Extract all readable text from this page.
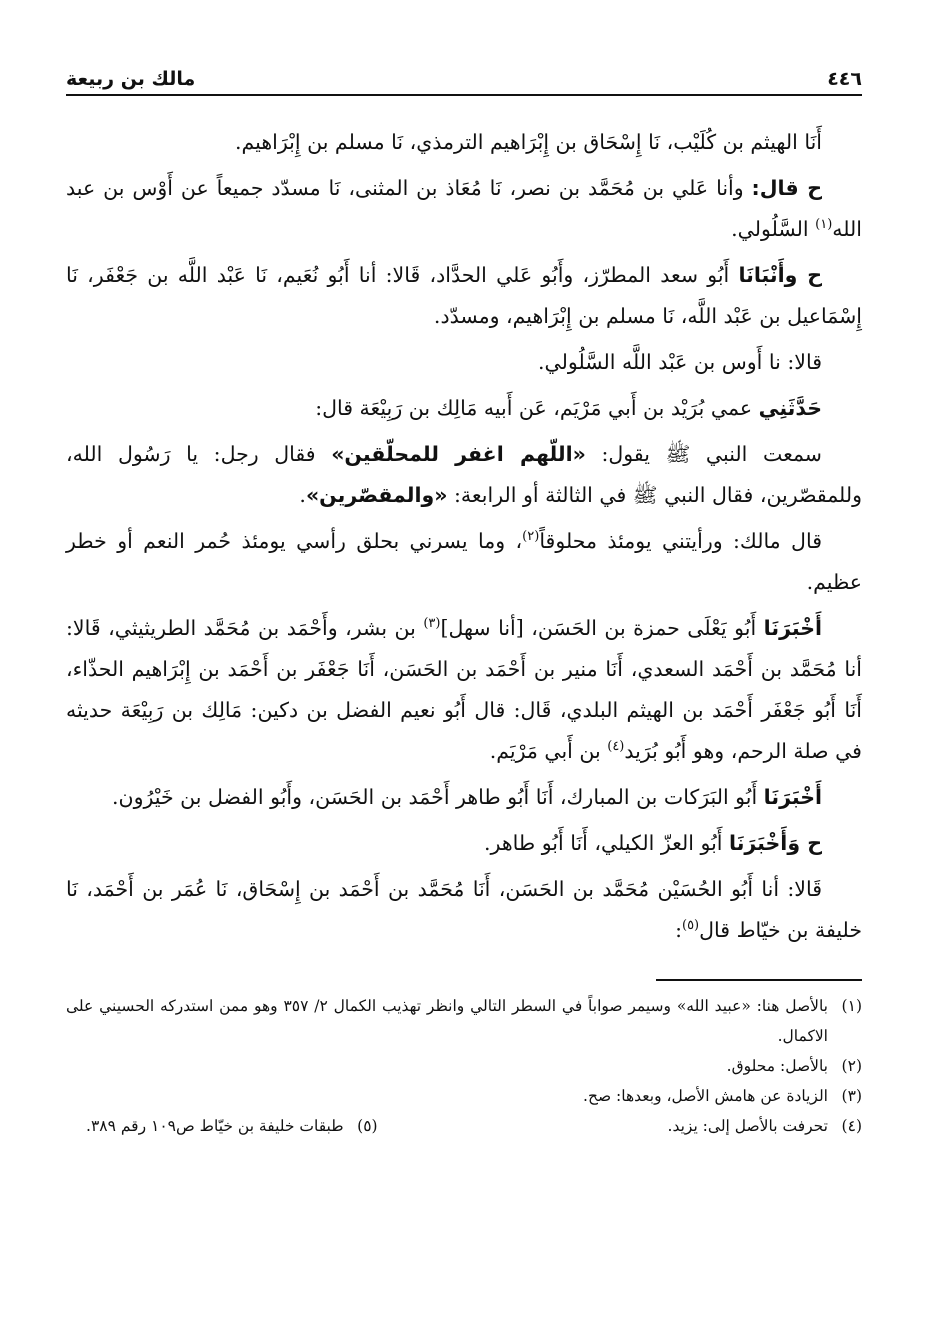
٤٤٦
مالك بن ربيعة

أَنَا الهيثم بن كُلَيْب، نَا إِسْحَاق بن إِبْرَاهيم الترمذي، نَا مسلم بن إِبْرَاهيم.

ح قال: وأنا عَلي بن مُحَمَّد بن نصر، نَا مُعَاذ بن المثنى، نَا مسدّد جميعاً عن أَوْس بن عبد الله$^{(١)}$ السَّلُولي.

ح وأَنْبَانَا أَبُو سعد المطرّز، وأَبُو عَلي الحدَّاد، قَالا: أنا أَبُو نُعَيم، نَا عَبْد اللَّه بن جَعْفَر، نَا إِسْمَاعيل بن عَبْد اللَّه، نَا مسلم بن إِبْرَاهيم، ومسدّد.

قالا: نا أَوس بن عَبْد اللَّه السَّلُولي.

حَدَّثَنِي عمي بُرَيْد بن أَبي مَرْيَم، عَن أَبيه مَالِك بن رَبِيْعَة قال:

سمعت النبي ﷺ يقول: «اللّهم اغفر للمحلّقين» فقال رجل: يا رَسُول الله، وللمقصّرين، فقال النبي ﷺ في الثالثة أو الرابعة: «والمقصّرين».

قال مالك: ورأيتني يومئذ محلوقاً$^{(٢)}$، وما يسرني بحلق رأسي يومئذ حُمر النعم أو خطر عظيم.

أَخْبَرَنَا أَبُو يَعْلَى حمزة بن الحَسَن، [أنا سهل]$^{(٣)}$ بن بشر، وأَحْمَد بن مُحَمَّد الطريثيثي، قَالا: أنا مُحَمَّد بن أَحْمَد السعدي، أَنَا منير بن أَحْمَد بن الحَسَن، أَنَا جَعْفَر بن أَحْمَد بن إِبْرَاهيم الحذّاء، أَنَا أَبُو جَعْفَر أَحْمَد بن الهيثم البلدي، قَال: قال أَبُو نعيم الفضل بن دكين: مَالِك بن رَبِيْعَة حديثه في صلة الرحم، وهو أَبُو بُرَيد$^{(٤)}$ بن أَبي مَرْيَم.

أَخْبَرَنَا أَبُو البَرَكات بن المبارك، أَنَا أَبُو طاهر أَحْمَد بن الحَسَن، وأَبُو الفضل بن خَيْرُون.

ح وَأَخْبَرَنَا أَبُو العزّ الكيلي، أَنَا أَبُو طاهر.

قَالا: أنا أَبُو الحُسَيْن مُحَمَّد بن الحَسَن، أَنَا مُحَمَّد بن أَحْمَد بن إِسْحَاق، نَا عُمَر بن أَحْمَد، نَا خليفة بن خيّاط قال$^{(٥)}$:

(١)
بالأصل هنا: «عبيد الله» وسيمر صواباً في السطر التالي وانظر تهذيب الكمال ٢/ ٣٥٧ وهو ممن استدركه الحسيني على الاكمال.
(٢)
بالأصل: محلوق.
(٣)
الزيادة عن هامش الأصل، وبعدها: صح.
(٤)
تحرفت بالأصل إلى: يزيد.
(٥)
طبقات خليفة بن خيّاط ص١٠٩ رقم ٣٨٩.
